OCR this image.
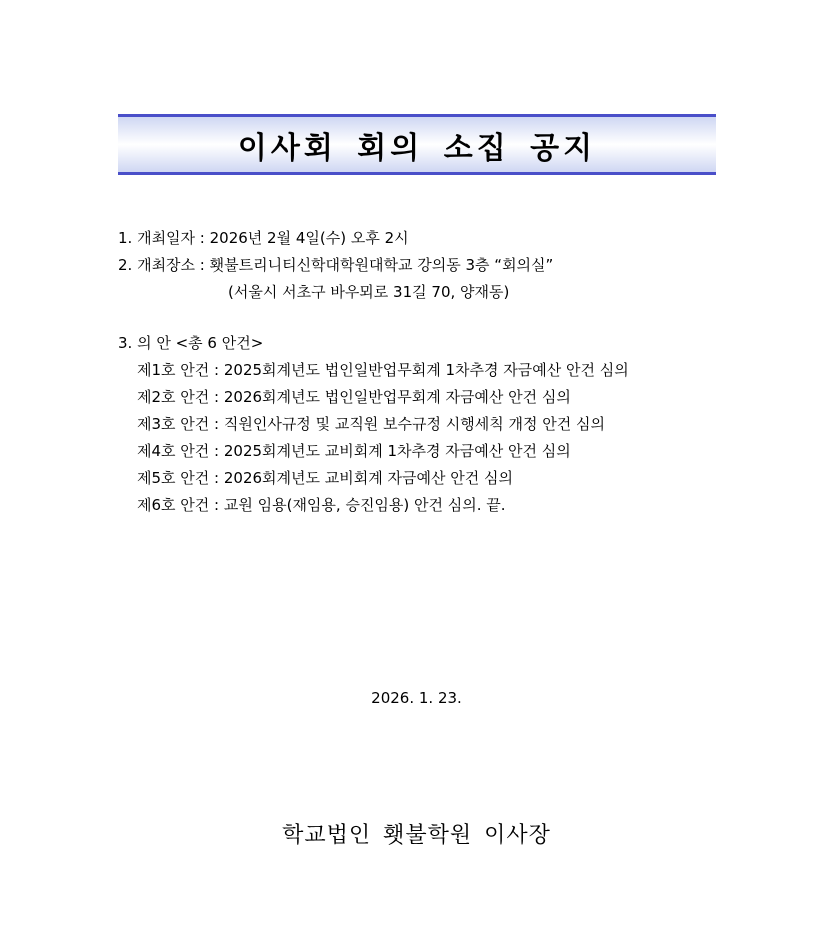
이사회 회의 소집 공지
1. 개최일자 : 2026년 2월 4일(수) 오후 2시
2. 개최장소 : 횃불트리니티신학대학원대학교 강의동 3층 “회의실”
(서울시 서초구 바우뫼로 31길 70, 양재동)
3. 의 안 <총 6 안건>
제1호 안건 : 2025회계년도 법인일반업무회계 1차추경 자금예산 안건 심의
제2호 안건 : 2026회계년도 법인일반업무회계 자금예산 안건 심의
제3호 안건 : 직원인사규정 및 교직원 보수규정 시행세칙 개정 안건 심의
제4호 안건 : 2025회계년도 교비회계 1차추경 자금예산 안건 심의
제5호 안건 : 2026회계년도 교비회계 자금예산 안건 심의
제6호 안건 : 교원 임용(재임용, 승진임용) 안건 심의. 끝.
2026. 1. 23.
학교법인 횃불학원 이사장
